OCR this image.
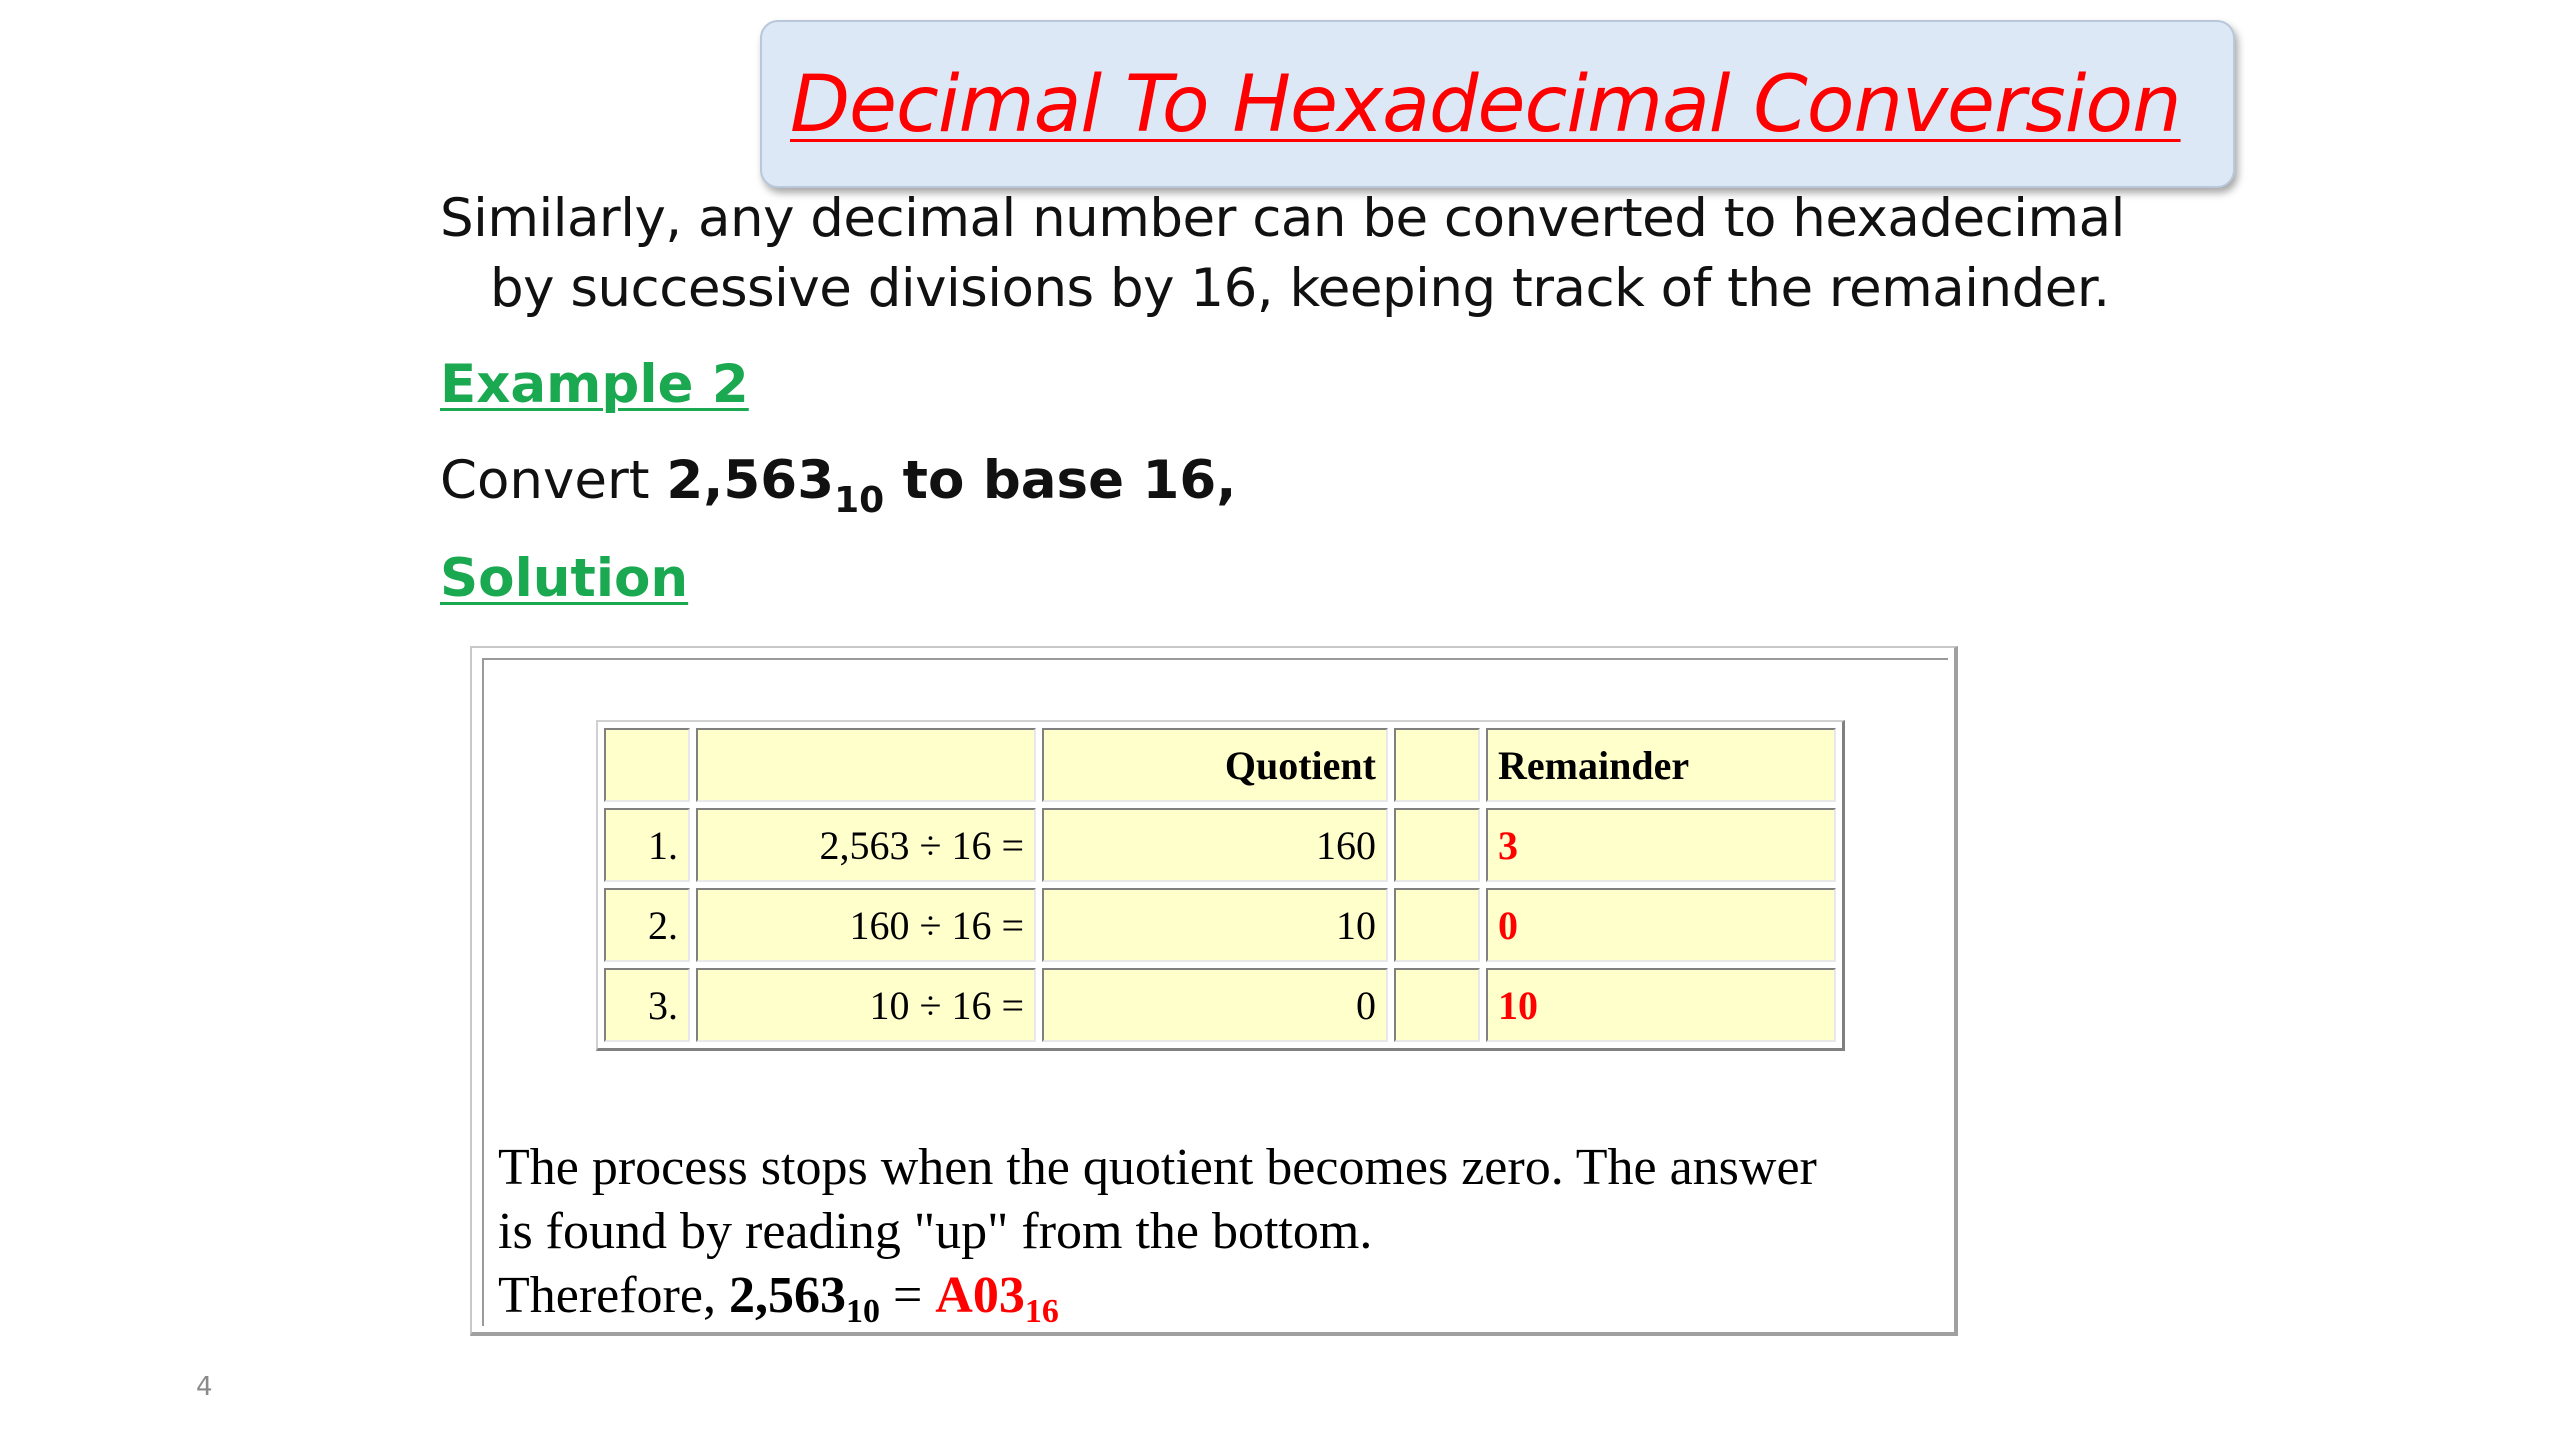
Decimal To Hexadecimal Conversion
Similarly, any decimal number can be converted to hexadecimal
by successive divisions by 16, keeping track of the remainder.
Example 2
Convert $2,563_{10}$ to base 16,
Solution
		Quotient		Remainder
1.	2,563 ÷ 16 =	160		3
2.	160 ÷ 16 =	10		0
3.	10 ÷ 16 =	0		10
The process stops when the quotient becomes zero. The answer
is found by reading "up" from the bottom.
Therefore, $2,563_{10} = A03_{16}$
4
